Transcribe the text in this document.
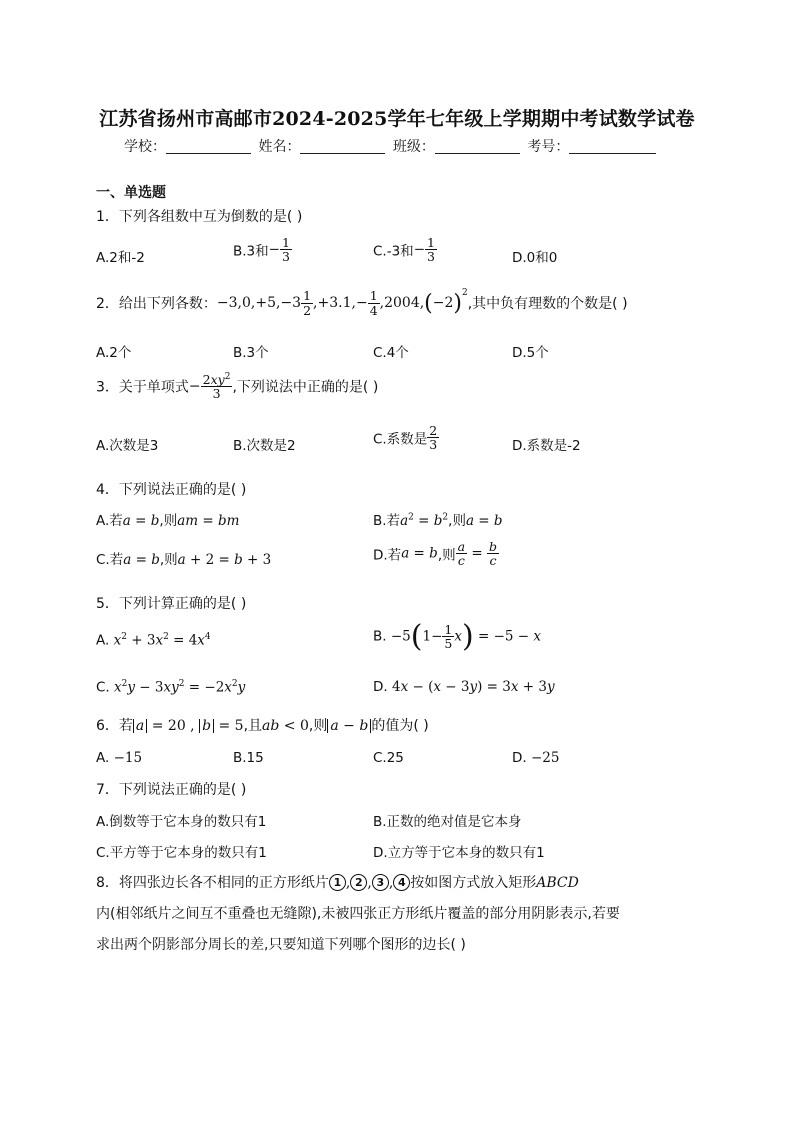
江苏省扬州市高邮市2024-2025学年七年级上学期期中考试数学试卷
学校：	姓名：	班级：	考号：
一、单选题
1．下列各组数中互为倒数的是( )
A.2和-2	B.3和− $\frac{1}{3}$	C.-3和− $\frac{1}{3}$	D.0和0
2．给出下列各数：$-3,0,+5,-3 \frac{1}{2} ,+3.1,- \frac{1}{4} ,2004,(-2)^2$,其中负有理数的个数是( )
A.2个	B.3个	C.4个	D.5个
3．关于单项式− $\frac{2xy^2}{3}$ ,下列说法中正确的是( )
A.次数是3	B.次数是2	C.系数是 $\frac{2}{3}$	D.系数是-2
4．下列说法正确的是( )
A.若a = b,则am = bm	B.若$a^2 = b^2$,则a = b
C.若a = b,则a + 2 = b + 3	D.若a = b,则 $\frac{a}{c} = \frac{b}{c}$
5．下列计算正确的是( )
A. $x^2 + 3x^2 = 4x^4$	B. $-5(1- \frac{1}{5} x) = -5 - x$
C. $x^2y - 3xy^2 = -2x^2y$	D. 4x − (x − 3y) = 3x + 3y
6．若 a = 20 , b = 5,且ab < 0,则 a − b 的值为( )
A. −15	B.15	C.25	D. −25
7．下列说法正确的是( )
A.倒数等于它本身的数只有1	B.正数的绝对值是它本身
C.平方等于它本身的数只有1	D.立方等于它本身的数只有1
8．将四张边长各不相同的正方形纸片 1 , 2 , 3 , 4 按如图方式放入矩形ABCD
内(相邻纸片之间互不重叠也无缝隙),未被四张正方形纸片覆盖的部分用阴影表示,若要
求出两个阴影部分周长的差,只要知道下列哪个图形的边长( )
